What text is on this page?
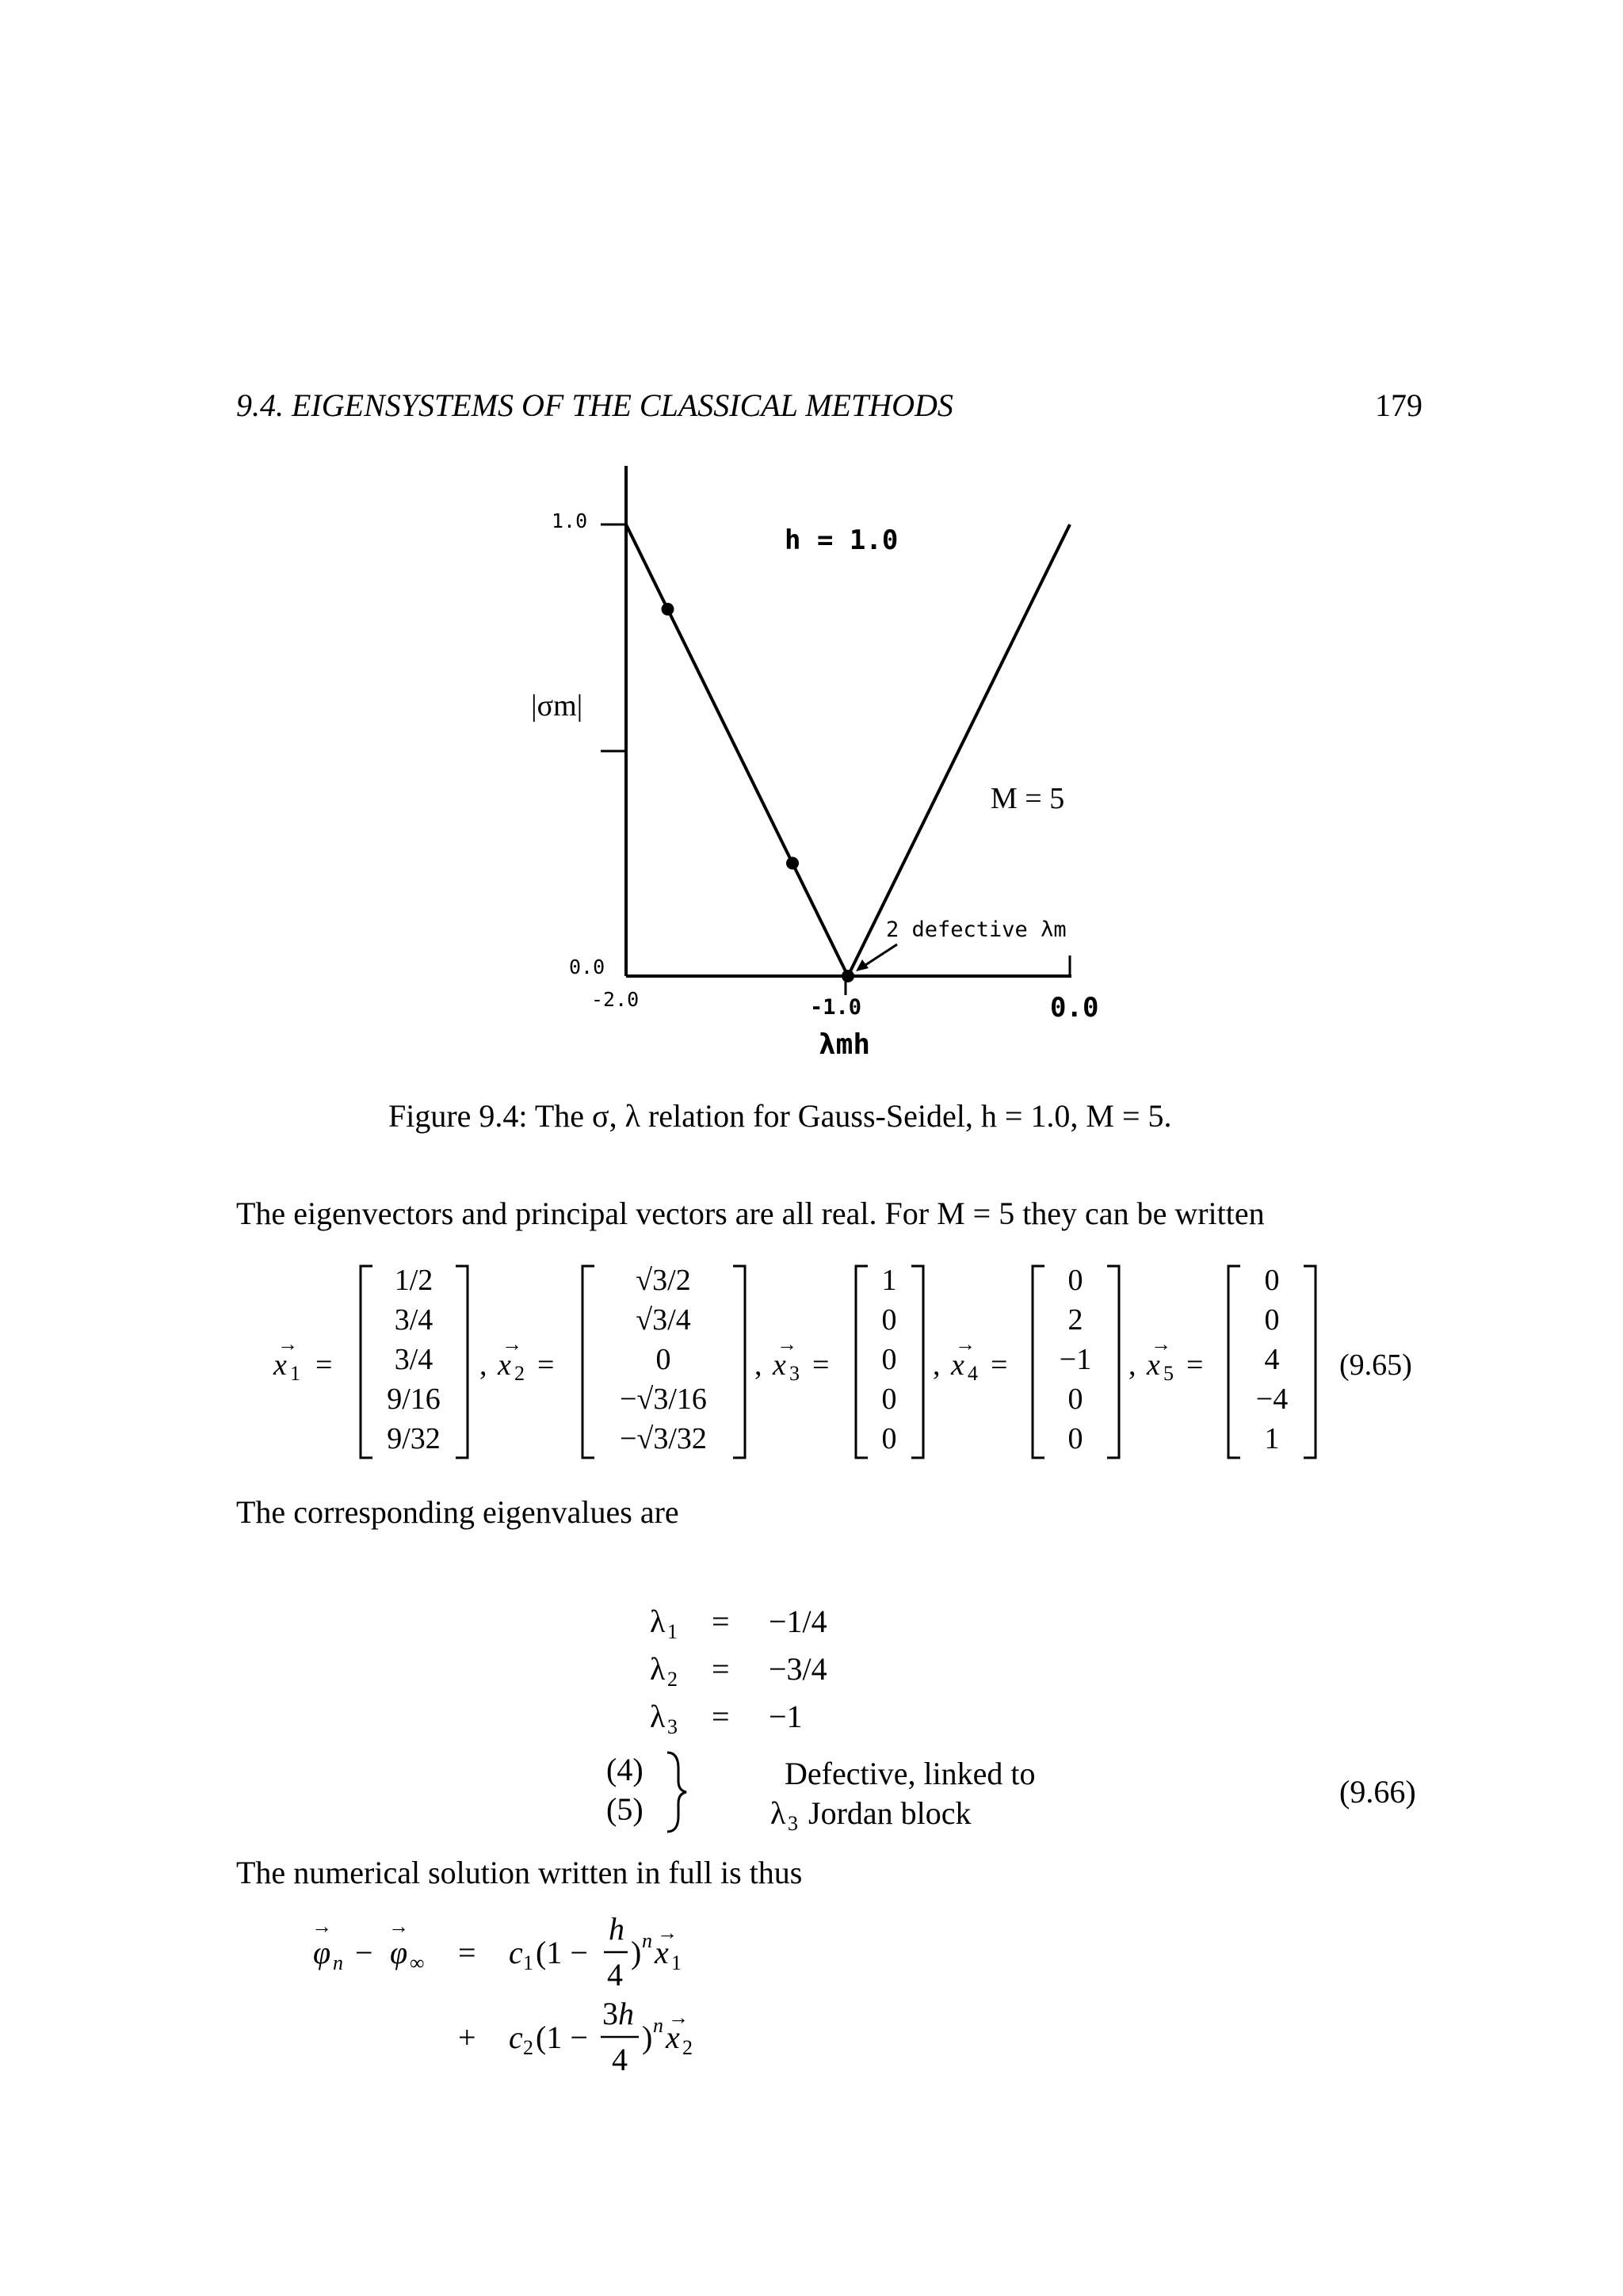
9.4. EIGENSYSTEMS OF THE CLASSICAL METHODS	179
1.0
0.0
-2.0	-1.0	0.0
h = 1.0
|σm|
M = 5
2 defective λm
λmh
Figure 9.4: The σ, λ relation for Gauss-Seidel, h = 1.0, M = 5.
The eigenvectors and principal vectors are all real. For M = 5 they can be written
x 1
→
=
1/2
3/4
3/4
9/16
9/32
, x 2
→
=
√3/2
√3/4
0
−√3/16
−√3/32
, x 3
→
=
1
0
0
0
0
, x 4
→
=
0
2
−1
0
0
, x 5
→
=
0
0
4
−4
1
(9.65)
The corresponding eigenvalues are
λ 1 = −1/4
λ 2 = −3/4
λ 3 = −1
(4)
(5)
Defective, linked to
λ 3 Jordan block
(9.66)
The numerical solution written in full is thus
φ
→
n − φ
→
∞ = c 1 (1 −
h
4
) n x
→
1
+ c 2 (1 −
3h
4
) n x
→
2
